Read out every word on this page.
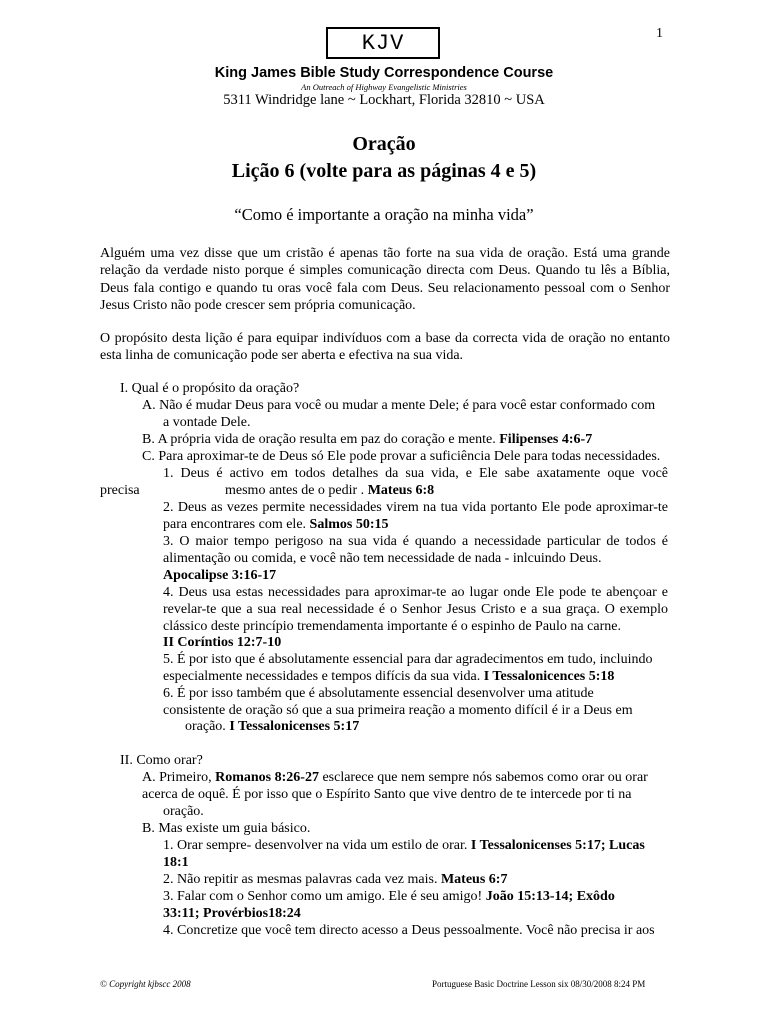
1
KJV
King James Bible Study Correspondence Course
An Outreach of Highway Evangelistic Ministries
5311 Windridge lane ~ Lockhart, Florida 32810 ~ USA
Oração
Lição 6 (volte para as páginas 4 e 5)
“Como é importante a oração na minha vida”

Alguém uma vez disse que um cristão é apenas tão forte na sua vida de oração. Está uma grande relação da verdade nisto porque é simples comunicação directa com Deus. Quando tu lês a Bíblia, Deus fala contigo e quando tu oras você fala com Deus. Seu relacionamento pessoal com o Senhor Jesus Cristo não pode crescer sem própria comunicação.

O propósito desta lição é para equipar indivíduos com a base da correcta vida de oração no entanto esta linha de comunicação pode ser aberta e efectiva na sua vida.

I. Qual é o propósito da oração?
A. Não é mudar Deus para você ou mudar a mente Dele; é para você estar conformado com
a vontade Dele.
B. A própria vida de oração resulta em paz do coração e mente. Filipenses 4:6-7
C. Para aproximar-te de Deus só Ele pode provar a suficiência Dele para todas necessidades.
1. Deus é activo em todos detalhes da sua vida, e Ele sabe axatamente oque você
precisa	mesmo antes de o pedir . Mateus 6:8
2. Deus as vezes permite necessidades virem na tua vida portanto Ele pode aproximar-te
para encontrares com ele. Salmos 50:15
3. O maior tempo perigoso na sua vida é quando a necessidade particular de todos é
alimentação ou comida, e você não tem necessidade de nada - inlcuindo Deus.
Apocalipse 3:16-17
4. Deus usa estas necessidades para aproximar-te ao lugar onde Ele pode te abençoar e
revelar-te que a sua real necessidade é o Senhor Jesus Cristo e a sua graça. O exemplo
clássico deste princípio tremendamenta importante é o espinho de Paulo na carne.
II Coríntios 12:7-10
5. É por isto que é absolutamente essencial para dar agradecimentos em tudo, incluindo
especialmente necessidades e tempos difícis da sua vida. I Tessalonicences 5:18
6. É por isso também que é absolutamente essencial desenvolver uma atitude
consistente de oração só que a sua primeira reação a momento difícil é ir a Deus em
oração. I Tessalonicenses 5:17
II. Como orar?
A. Primeiro, Romanos 8:26-27 esclarece que nem sempre nós sabemos como orar ou orar
acerca de oquê. É por isso que o Espírito Santo que vive dentro de te intercede por ti na
oração.
B. Mas existe um guia básico.
1. Orar sempre- desenvolver na vida um estilo de orar. I Tessalonicenses 5:17; Lucas
18:1
2. Não repitir as mesmas palavras cada vez mais. Mateus 6:7
3. Falar com o Senhor como um amigo. Ele é seu amigo! João 15:13-14; Exôdo
33:11; Provérbios18:24
4. Concretize que você tem directo acesso a Deus pessoalmente. Você não precisa ir aos
© Copyright kjbscc 2008	Portuguese Basic Doctrine Lesson six 08/30/2008 8:24 PM
